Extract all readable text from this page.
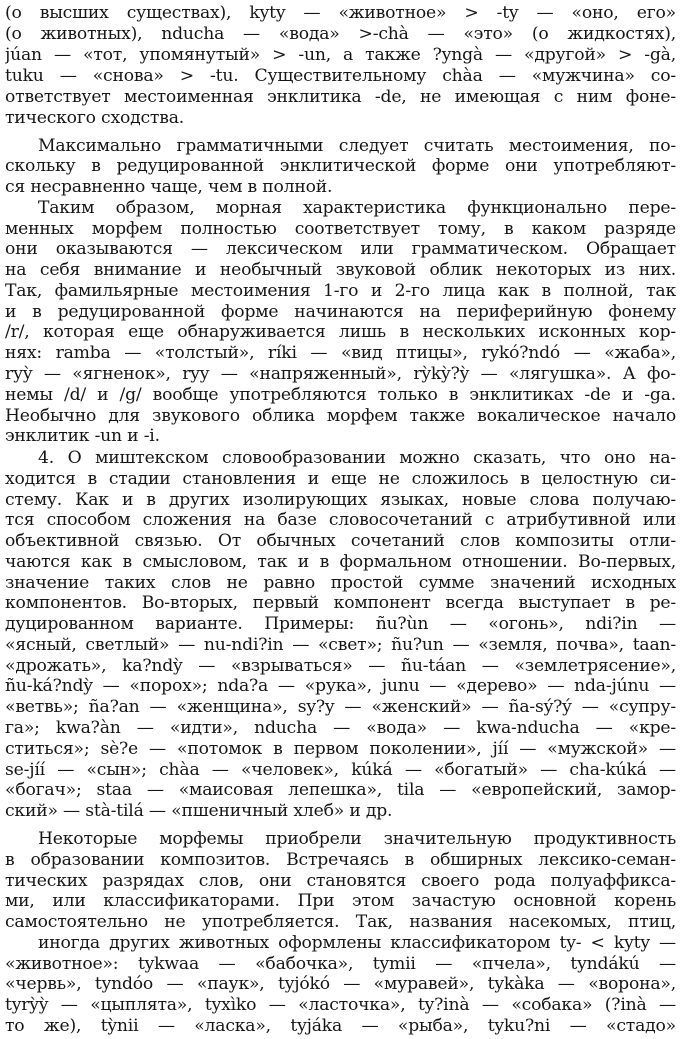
(о высших существах), kyty — «животное» > -ty — «оно, его»
(о животных), nducha — «вода» >-chà — «это» (о жидкостях),
júan — «тот, упомянутый» > -un, а также ?yngà — «другой» > -gà,
tuku — «снова» > -tu. Существительному chàa — «мужчина» со-
ответствует местоименная энклитика -de, не имеющая с ним фоне-
тического сходства.
Максимально грамматичными следует считать местоимения, по-
скольку в редуцированной энклитической форме они употребляют-
ся несравненно чаще, чем в полной.
Таким образом, морная характеристика функционально пере-
менных морфем полностью соответствует тому, в каком разряде
они оказываются — лексическом или грамматическом. Обращает
на себя внимание и необычный звуковой облик некоторых из них.
Так, фамильярные местоимения 1-го и 2-го лица как в полной, так
и в редуцированной форме начинаются на периферийную фонему
/r/, которая еще обнаруживается лишь в нескольких исконных кор-
нях: ramba — «толстый», ríki — «вид птицы», rykó?ndó — «жаба»,
rуỳ — «ягненок», ryy — «напряженный», rỳkỳ?ỳ — «лягушка». А фо-
немы /d/ и /g/ вообще употребляются только в энклитиках -de и -ga.
Необычно для звукового облика морфем также вокалическое начало
энклитик -un и -i.
4. О миштекском словообразовании можно сказать, что оно на-
ходится в стадии становления и еще не сложилось в целостную си-
стему. Как и в других изолирующих языках, новые слова получаю-
тся способом сложения на базе словосочетаний с атрибутивной или
объективной связью. От обычных сочетаний слов композиты отли-
чаются как в смысловом, так и в формальном отношении. Во-первых,
значение таких слов не равно простой сумме значений исходных
компонентов. Во-вторых, первый компонент всегда выступает в ре-
дуцированном варианте. Примеры: ñu?ùn — «огонь», ndi?in —
«ясный, светлый» — nu-ndi?in — «свет»; ñu?un — «земля, почва», taan-
«дрожать», ka?ndỳ — «взрываться» — ñu-táan — «землетрясение»,
ñu-ká?ndỳ — «порох»; nda?a — «рука», junu — «дерево» — nda-júnu —
«ветвь»; ña?an — «женщина», sy?y — «женский» — ña-sý?ý — «супру-
га»; kwa?àn — «идти», nducha — «вода» — kwa-nducha — «кре-
ститься»; sè?e — «потомок в первом поколении», jíí — «мужской» —
se-jíí — «сын»; chàa — «человек», kúká — «богатый» — cha-kúká —
«богач»; staa — «маисовая лепешка», tila — «европейский, замор-
ский» — stà-tilá — «пшеничный хлеб» и др.
Некоторые морфемы приобрели значительную продуктивность
в образовании композитов. Встречаясь в обширных лексико-семан-
тических разрядах слов, они становятся своего рода полуаффикса-
ми, или классификаторами. При этом зачастую основной корень
самостоятельно не употребляется. Так, названия насекомых, птиц,
иногда других животных оформлены классификатором ty- < kyty —
«животное»: tykwaa — «бабочка», tymii — «пчела», tyndákú —
«червь», tyndóo — «паук», tyjókó — «муравей», tykàka — «ворона»,
tyrỳỳ — «цыплята», tyxìko — «ласточка», ty?inà — «собака» (?inà —
то же), tỳnii — «ласка», tyjáka — «рыба», tyku?ni — «стадо»
